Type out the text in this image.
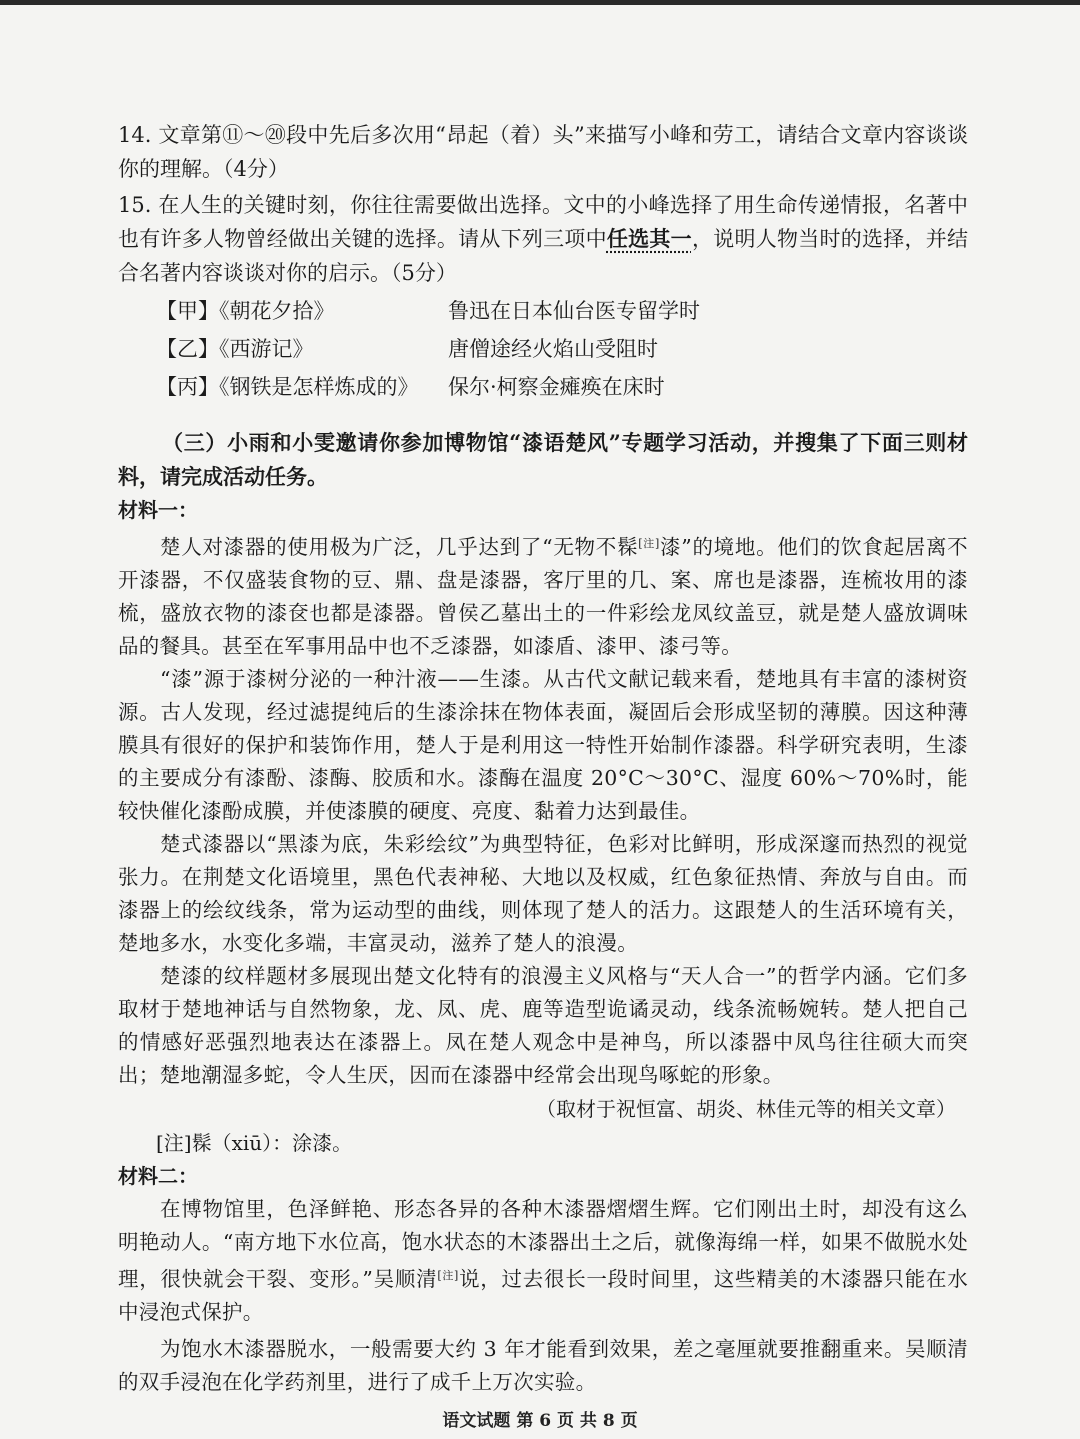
14. 文章第⑪～⑳段中先后多次用“昂起（着）头”来描写小峰和劳工，请结合文章内容谈谈你的理解。（4分）

15. 在人生的关键时刻，你往往需要做出选择。文中的小峰选择了用生命传递情报，名著中也有许多人物曾经做出关键的选择。请从下列三项中任选其一，说明人物当时的选择，并结合名著内容谈谈对你的启示。（5分）

【甲】《朝花夕拾》	鲁迅在日本仙台医专留学时
【乙】《西游记》	唐僧途经火焰山受阻时
【丙】《钢铁是怎样炼成的》	保尔·柯察金瘫痪在床时

（三）小雨和小雯邀请你参加博物馆“漆语楚风”专题学习活动，并搜集了下面三则材料，请完成活动任务。

材料一：

楚人对漆器的使用极为广泛，几乎达到了“无物不髹[注]漆”的境地。他们的饮食起居离不开漆器，不仅盛装食物的豆、鼎、盘是漆器，客厅里的几、案、席也是漆器，连梳妆用的漆梳，盛放衣物的漆奁也都是漆器。曾侯乙墓出土的一件彩绘龙凤纹盖豆，就是楚人盛放调味品的餐具。甚至在军事用品中也不乏漆器，如漆盾、漆甲、漆弓等。

“漆”源于漆树分泌的一种汁液——生漆。从古代文献记载来看，楚地具有丰富的漆树资源。古人发现，经过滤提纯后的生漆涂抹在物体表面，凝固后会形成坚韧的薄膜。因这种薄膜具有很好的保护和装饰作用，楚人于是利用这一特性开始制作漆器。科学研究表明，生漆的主要成分有漆酚、漆酶、胶质和水。漆酶在温度 20°C～30°C、湿度 60%～70%时，能较快催化漆酚成膜，并使漆膜的硬度、亮度、黏着力达到最佳。

楚式漆器以“黑漆为底，朱彩绘纹”为典型特征，色彩对比鲜明，形成深邃而热烈的视觉张力。在荆楚文化语境里，黑色代表神秘、大地以及权威，红色象征热情、奔放与自由。而漆器上的绘纹线条，常为运动型的曲线，则体现了楚人的活力。这跟楚人的生活环境有关，楚地多水，水变化多端，丰富灵动，滋养了楚人的浪漫。

楚漆的纹样题材多展现出楚文化特有的浪漫主义风格与“天人合一”的哲学内涵。它们多取材于楚地神话与自然物象，龙、凤、虎、鹿等造型诡谲灵动，线条流畅婉转。楚人把自己的情感好恶强烈地表达在漆器上。凤在楚人观念中是神鸟，所以漆器中凤鸟往往硕大而突出；楚地潮湿多蛇，令人生厌，因而在漆器中经常会出现鸟啄蛇的形象。

（取材于祝恒富、胡炎、林佳元等的相关文章）

[注]髹（xiū）：涂漆。

材料二：

在博物馆里，色泽鲜艳、形态各异的各种木漆器熠熠生辉。它们刚出土时，却没有这么明艳动人。“南方地下水位高，饱水状态的木漆器出土之后，就像海绵一样，如果不做脱水处理，很快就会干裂、变形。”吴顺清[注]说，过去很长一段时间里，这些精美的木漆器只能在水中浸泡式保护。

为饱水木漆器脱水，一般需要大约 3 年才能看到效果，差之毫厘就要推翻重来。吴顺清的双手浸泡在化学药剂里，进行了成千上万次实验。

语文试题 第 6 页 共 8 页
